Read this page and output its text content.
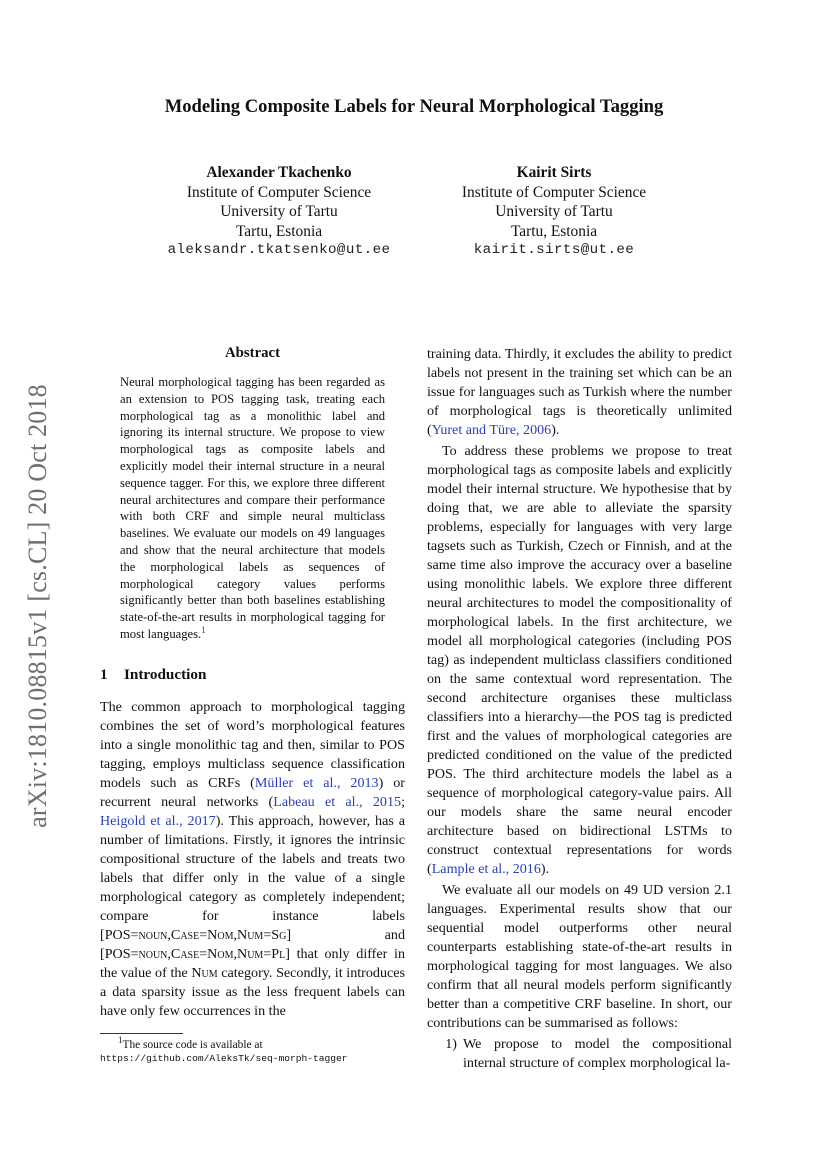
arXiv:1810.08815v1 [cs.CL] 20 Oct 2018
Modeling Composite Labels for Neural Morphological Tagging
Alexander Tkachenko
Institute of Computer Science
University of Tartu
Tartu, Estonia
aleksandr.tkatsenko@ut.ee
Kairit Sirts
Institute of Computer Science
University of Tartu
Tartu, Estonia
kairit.sirts@ut.ee
Abstract
Neural morphological tagging has been regarded as an extension to POS tagging task, treating each morphological tag as a monolithic label and ignoring its internal structure. We propose to view morphological tags as composite labels and explicitly model their internal structure in a neural sequence tagger. For this, we explore three different neural architectures and compare their performance with both CRF and simple neural multiclass baselines. We evaluate our models on 49 languages and show that the neural architecture that models the morphological labels as sequences of morphological category values performs significantly better than both baselines establishing state-of-the-art results in morphological tagging for most languages.$^1$
1 Introduction

The common approach to morphological tagging combines the set of word’s morphological features into a single monolithic tag and then, similar to POS tagging, employs multiclass sequence classification models such as CRFs (Müller et al., 2013) or recurrent neural networks (Labeau et al., 2015; Heigold et al., 2017). This approach, however, has a number of limitations. Firstly, it ignores the intrinsic compositional structure of the labels and treats two labels that differ only in the value of a single morphological category as completely independent; compare for instance labels [POS=noun,Case=Nom,Num=Sg] and [POS=noun,Case=Nom,Num=Pl] that only differ in the value of the Num category. Secondly, it introduces a data sparsity issue as the less frequent labels can have only few occurrences in the

training data. Thirdly, it excludes the ability to predict labels not present in the training set which can be an issue for languages such as Turkish where the number of morphological tags is theoretically unlimited (Yuret and Türe, 2006).

To address these problems we propose to treat morphological tags as composite labels and explicitly model their internal structure. We hypothesise that by doing that, we are able to alleviate the sparsity problems, especially for languages with very large tagsets such as Turkish, Czech or Finnish, and at the same time also improve the accuracy over a baseline using monolithic labels. We explore three different neural architectures to model the compositionality of morphological labels. In the first architecture, we model all morphological categories (including POS tag) as independent multiclass classifiers conditioned on the same contextual word representation. The second architecture organises these multiclass classifiers into a hierarchy—the POS tag is predicted first and the values of morphological categories are predicted conditioned on the value of the predicted POS. The third architecture models the label as a sequence of morphological category-value pairs. All our models share the same neural encoder architecture based on bidirectional LSTMs to construct contextual representations for words (Lample et al., 2016).

We evaluate all our models on 49 UD version 2.1 languages. Experimental results show that our sequential model outperforms other neural counterparts establishing state-of-the-art results in morphological tagging for most languages. We also confirm that all neural models perform significantly better than a competitive CRF baseline. In short, our contributions can be summarised as follows:

1) We propose to model the compositional internal structure of complex morphological la-
$^1$The source code is available at
https://github.com/AleksTk/seq-morph-tagger
